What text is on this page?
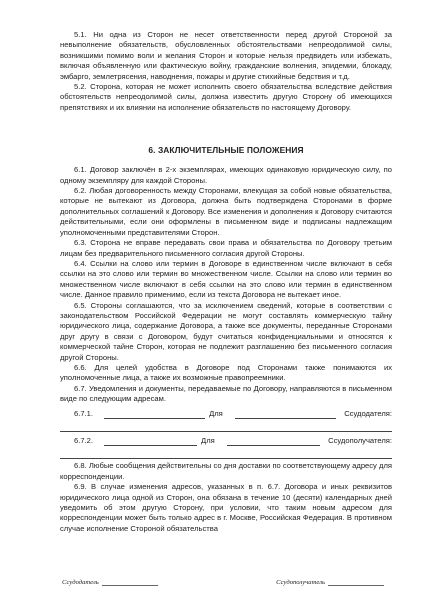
5.1. Ни одна из Сторон не несет ответственности перед другой Стороной за невыполнение обязательств, обусловленных обстоятельствами непреодолимой силы, возникшими помимо воли и желания Сторон и которые нельзя предвидеть или избежать, включая объявленную или фактическую войну, гражданские волнения, эпидемии, блокаду, эмбарго, землетрясения, наводнения, пожары и другие стихийные бедствия и т.д.

5.2. Сторона, которая не может исполнить своего обязательства вследствие действия обстоятельств непреодолимой силы, должна известить другую Сторону об имеющихся препятствиях и их влиянии на исполнение обязательств по настоящему Договору.

6. ЗАКЛЮЧИТЕЛЬНЫЕ ПОЛОЖЕНИЯ

6.1. Договор заключён в 2-х экземплярах, имеющих одинаковую юридическую силу, по одному экземпляру для каждой Стороны.

6.2. Любая договоренность между Сторонами, влекущая за собой новые обязательства, которые не вытекают из Договора, должна быть подтверждена Сторонами в форме дополнительных соглашений к Договору. Все изменения и дополнения к Договору считаются действительными, если они оформлены в письменном виде и подписаны надлежащим уполномоченными представителями Сторон.

6.3. Сторона не вправе передавать свои права и обязательства по Договору третьим лицам без предварительного письменного согласия другой Стороны.

6.4. Ссылки на слово или термин в Договоре в единственном числе включают в себя ссылки на это слово или термин во множественном числе. Ссылки на слово или термин во множественном числе включают в себя ссылки на это слово или термин в единственном числе. Данное правило применимо, если из текста Договора не вытекает иное.

6.5. Стороны соглашаются, что за исключением сведений, которые в соответствии с законодательством Российской Федерации не могут составлять коммерческую тайну юридического лица, содержание Договора, а также все документы, переданные Сторонами друг другу в связи с Договором, будут считаться конфиденциальными и относятся к коммерческой тайне Сторон, которая не подлежит разглашению без письменного согласия другой Стороны.

6.6. Для целей удобства в Договоре под Сторонами также понимаются их уполномоченные лица, а также их возможные правопреемники.

6.7. Уведомления и документы, передаваемые по Договору, направляются в письменном виде по следующим адресам.

6.7.1.	Для	Ссудодателя:
6.7.2.	Для	Ссудополучателя:

6.8. Любые сообщения действительны со дня доставки по соответствующему адресу для корреспонденции.

6.9. В случае изменения адресов, указанных в п. 6.7. Договора и иных реквизитов юридического лица одной из Сторон, она обязана в течение 10 (десяти) календарных дней уведомить об этом другую Сторону, при условии, что таким новым адресом для корреспонденции может быть только адрес в г. Москве, Российская Федерация. В противном случае исполнение Стороной обязательства

Ссудодатель	Ссудополучатель
